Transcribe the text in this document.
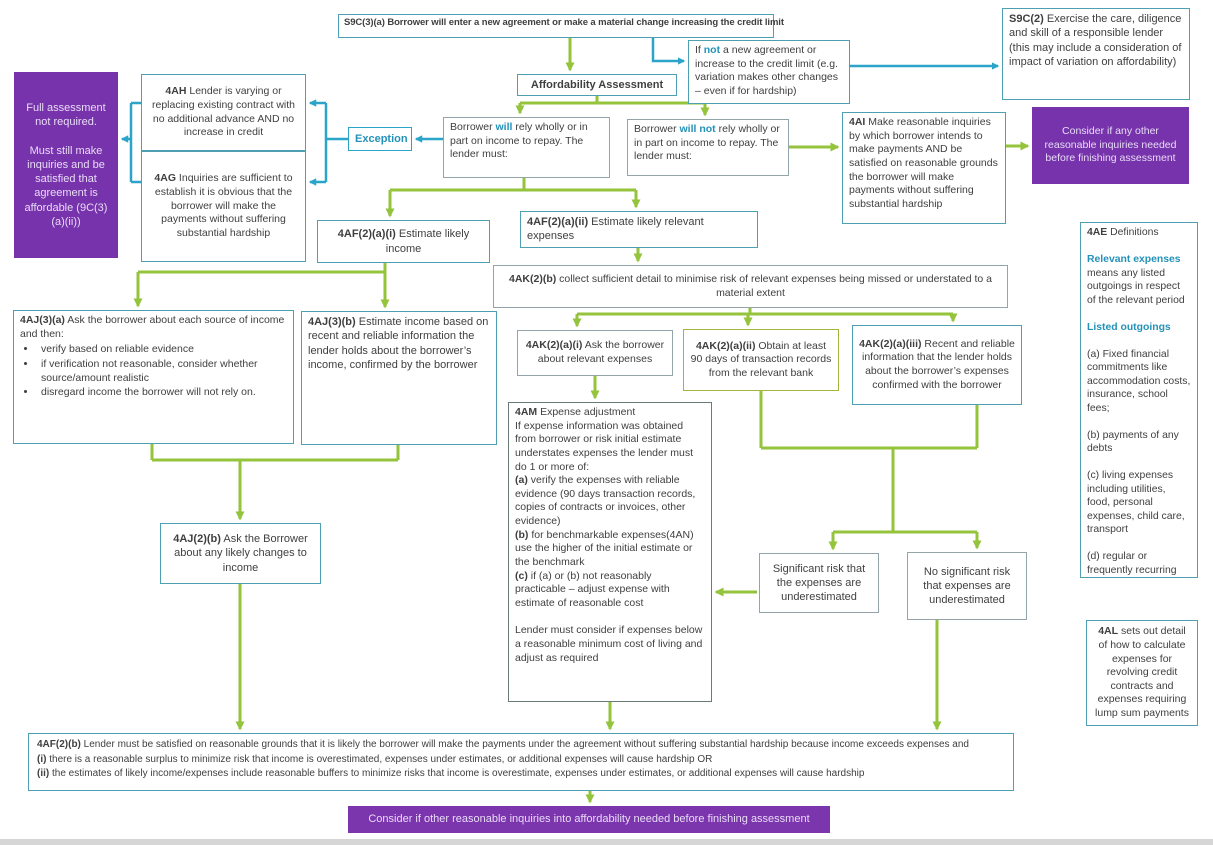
S9C(3)(a) Borrower will enter a new agreement or make a material change increasing the credit limit
Affordability Assessment
If not a new agreement or increase to the credit limit (e.g. variation makes other changes – even if for hardship)
S9C(2) Exercise the care, diligence and skill of a responsible lender (this may include a consideration of impact of variation on affordability)
Full assessment not required.

Must still make inquiries and be satisfied that agreement is affordable (9C(3)(a)(ii))
4AH Lender is varying or replacing existing contract with no additional advance AND no increase in credit
4AG Inquiries are sufficient to establish it is obvious that the borrower will make the payments without suffering substantial hardship
Exception
Borrower will rely wholly or in part on income to repay. The lender must:
Borrower will not rely wholly or in part on income to repay. The lender must:
4AI Make reasonable inquiries by which borrower intends to make payments AND be satisfied on reasonable grounds the borrower will make payments without suffering substantial hardship
Consider if any other reasonable inquiries needed before finishing assessment
4AF(2)(a)(i) Estimate likely income
4AF(2)(a)(ii) Estimate likely relevant expenses
4AK(2)(b) collect sufficient detail to minimise risk of relevant expenses being missed or understated to a material extent
4AE Definitions

Relevant expenses
means any listed outgoings in respect of the relevant period

Listed outgoings

(a) Fixed financial commitments like accommodation costs, insurance, school fees;

(b) payments of any debts

(c) living expenses including utilities, food, personal expenses, child care, transport

(d) regular or frequently recurring
4AJ(3)(a) Ask the borrower about each source of income and then:
• verify based on reliable evidence
• if verification not reasonable, consider whether source/amount realistic
• disregard income the borrower will not rely on.
4AJ(3)(b) Estimate income based on recent and reliable information the lender holds about the borrower’s income, confirmed by the borrower
4AK(2)(a)(i) Ask the borrower about relevant expenses
4AK(2)(a)(ii) Obtain at least 90 days of transaction records from the relevant bank
4AK(2)(a)(iii) Recent and reliable information that the lender holds about the borrower’s expenses confirmed with the borrower
4AM Expense adjustment
If expense information was obtained from borrower or risk initial estimate understates expenses the lender must do 1 or more of:
(a) verify the expenses with reliable evidence (90 days transaction records, copies of contracts or invoices, other evidence)
(b) for benchmarkable expenses(4AN) use the higher of the initial estimate or the benchmark
(c) if (a) or (b) not reasonably practicable – adjust expense with estimate of reasonable cost

Lender must consider if expenses below a reasonable minimum cost of living and adjust as required
Significant risk that the expenses are underestimated
No significant risk that expenses are underestimated
4AL sets out detail of how to calculate expenses for revolving credit contracts and expenses requiring lump sum payments
4AJ(2)(b) Ask the Borrower about any likely changes to income
4AF(2)(b) Lender must be satisfied on reasonable grounds that it is likely the borrower will make the payments under the agreement without suffering substantial hardship because income exceeds expenses and
(i) there is a reasonable surplus to minimize risk that income is overestimated, expenses under estimates, or additional expenses will cause hardship OR
(ii) the estimates of likely income/expenses include reasonable buffers to minimize risks that income is overestimate, expenses under estimates, or additional expenses will cause hardship
Consider if other reasonable inquiries into affordability needed before finishing assessment
